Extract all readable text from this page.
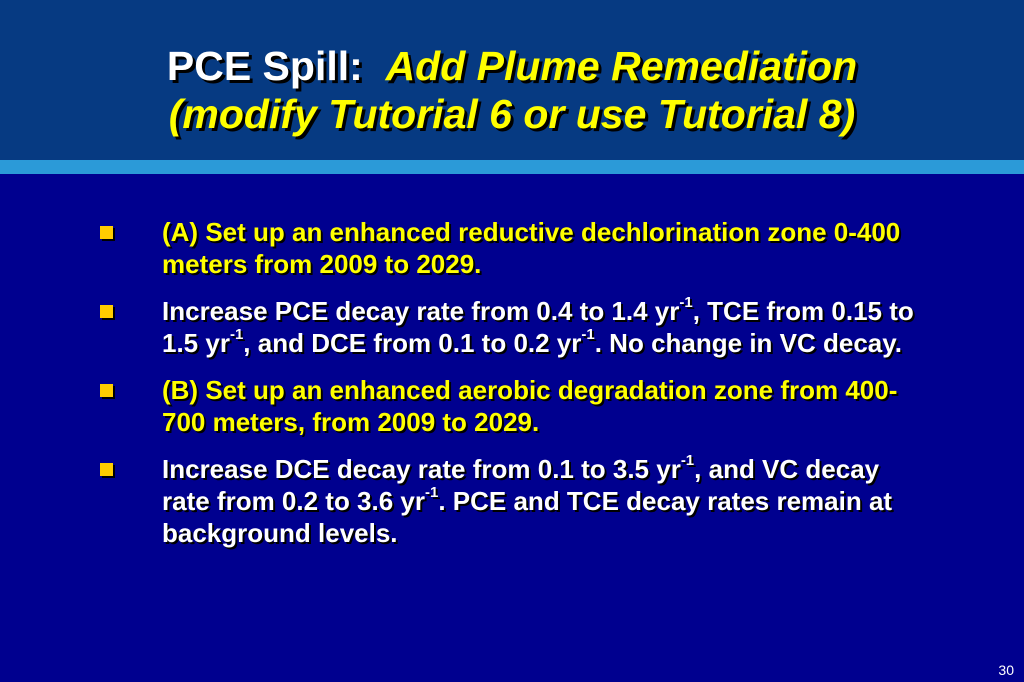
PCE Spill: Add Plume Remediation
(modify Tutorial 6 or use Tutorial 8)
(A) Set up an enhanced reductive dechlorination zone 0-400 meters from 2009 to 2029.
Increase PCE decay rate from 0.4 to 1.4 $yr^{-1}$, TCE from 0.15 to 1.5 $yr^{-1}$, and DCE from 0.1 to 0.2 $yr^{-1}$. No change in VC decay.
(B) Set up an enhanced aerobic degradation zone from 400-700 meters, from 2009 to 2029.
Increase DCE decay rate from 0.1 to 3.5 $yr^{-1}$, and VC decay rate from 0.2 to 3.6 $yr^{-1}$. PCE and TCE decay rates remain at background levels.
30
